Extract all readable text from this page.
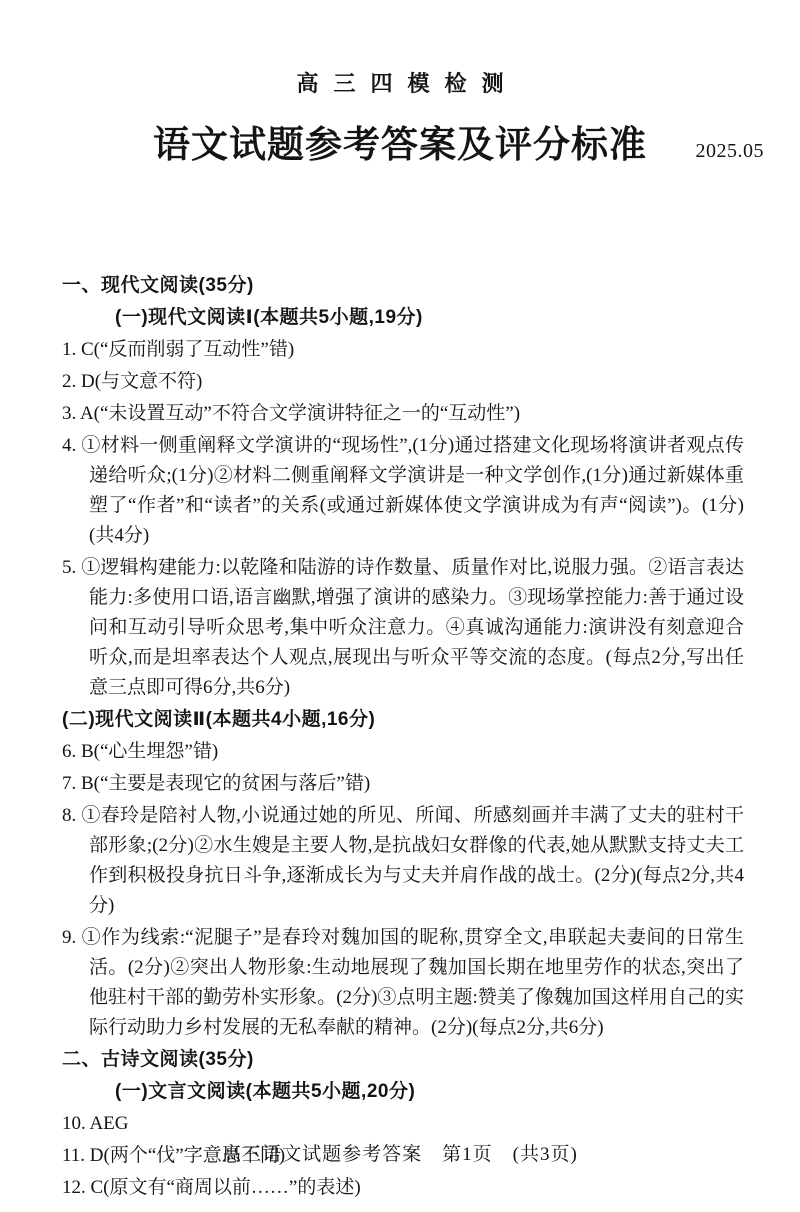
高三四模检测
语文试题参考答案及评分标准 2025.05
一、现代文阅读(35分)
(一)现代文阅读Ⅰ(本题共5小题,19分)
1. C(“反而削弱了互动性”错)
2. D(与文意不符)
3. A(“未设置互动”不符合文学演讲特征之一的“互动性”)
4. ①材料一侧重阐释文学演讲的“现场性”,(1分)通过搭建文化现场将演讲者观点传递给听众;(1分)②材料二侧重阐释文学演讲是一种文学创作,(1分)通过新媒体重塑了“作者”和“读者”的关系(或通过新媒体使文学演讲成为有声“阅读”)。(1分)(共4分)
5. ①逻辑构建能力:以乾隆和陆游的诗作数量、质量作对比,说服力强。②语言表达能力:多使用口语,语言幽默,增强了演讲的感染力。③现场掌控能力:善于通过设问和互动引导听众思考,集中听众注意力。④真诚沟通能力:演讲没有刻意迎合听众,而是坦率表达个人观点,展现出与听众平等交流的态度。(每点2分,写出任意三点即可得6分,共6分)
(二)现代文阅读Ⅱ(本题共4小题,16分)
6. B(“心生埋怨”错)
7. B(“主要是表现它的贫困与落后”错)
8. ①春玲是陪衬人物,小说通过她的所见、所闻、所感刻画并丰满了丈夫的驻村干部形象;(2分)②水生嫂是主要人物,是抗战妇女群像的代表,她从默默支持丈夫工作到积极投身抗日斗争,逐渐成长为与丈夫并肩作战的战士。(2分)(每点2分,共4分)
9. ①作为线索:“泥腿子”是春玲对魏加国的昵称,贯穿全文,串联起夫妻间的日常生活。(2分)②突出人物形象:生动地展现了魏加国长期在地里劳作的状态,突出了他驻村干部的勤劳朴实形象。(2分)③点明主题:赞美了像魏加国这样用自己的实际行动助力乡村发展的无私奉献的精神。(2分)(每点2分,共6分)
二、古诗文阅读(35分)
(一)文言文阅读(本题共5小题,20分)
10. AEG
11. D(两个“伐”字意思不同)
12. C(原文有“商周以前……”的表述)
高三语文试题参考答案　第1页　(共3页)
